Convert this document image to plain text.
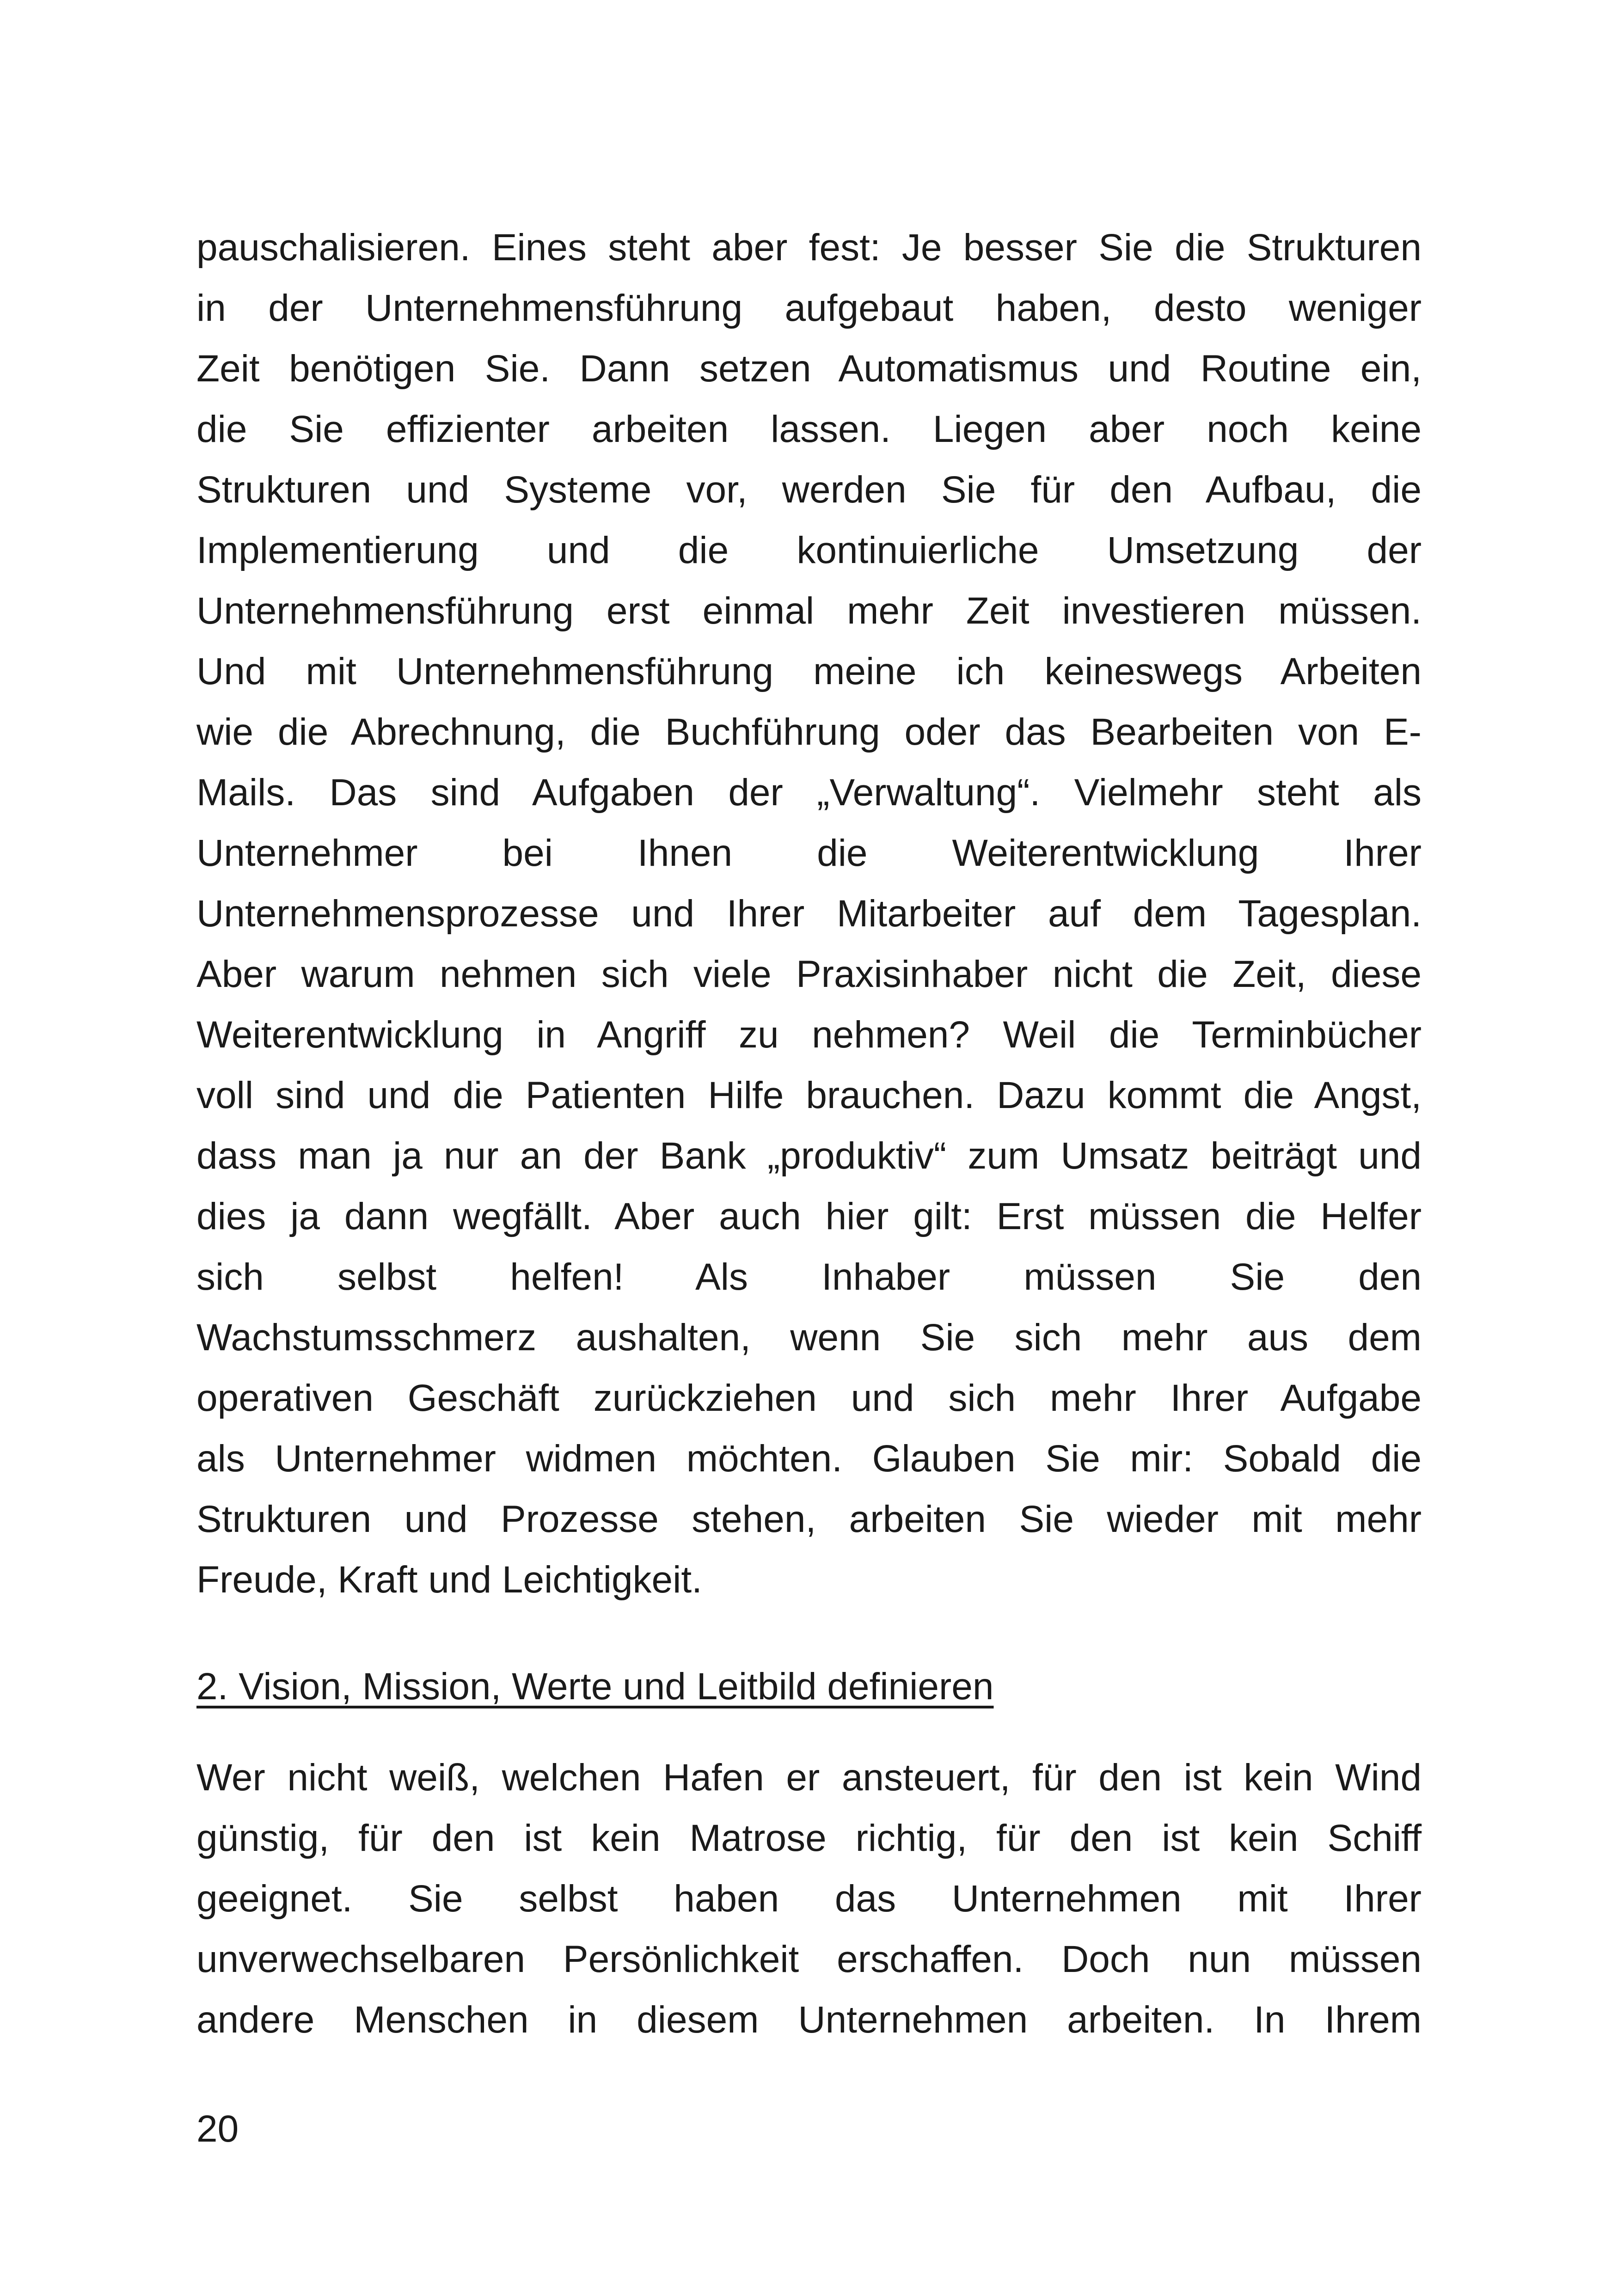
pauschalisieren. Eines steht aber fest: Je besser Sie die Strukturen
in der Unternehmensführung aufgebaut haben, desto weniger
Zeit benötigen Sie. Dann setzen Automatismus und Routine ein,
die Sie effizienter arbeiten lassen. Liegen aber noch keine
Strukturen und Systeme vor, werden Sie für den Aufbau, die
Implementierung und die kontinuierliche Umsetzung der
Unternehmensführung erst einmal mehr Zeit investieren müssen.
Und mit Unternehmensführung meine ich keineswegs Arbeiten
wie die Abrechnung, die Buchführung oder das Bearbeiten von E-
Mails. Das sind Aufgaben der „Verwaltung“. Vielmehr steht als
Unternehmer bei Ihnen die Weiterentwicklung Ihrer
Unternehmensprozesse und Ihrer Mitarbeiter auf dem Tagesplan.
Aber warum nehmen sich viele Praxisinhaber nicht die Zeit, diese
Weiterentwicklung in Angriff zu nehmen? Weil die Terminbücher
voll sind und die Patienten Hilfe brauchen. Dazu kommt die Angst,
dass man ja nur an der Bank „produktiv“ zum Umsatz beiträgt und
dies ja dann wegfällt. Aber auch hier gilt: Erst müssen die Helfer
sich selbst helfen! Als Inhaber müssen Sie den
Wachstumsschmerz aushalten, wenn Sie sich mehr aus dem
operativen Geschäft zurückziehen und sich mehr Ihrer Aufgabe
als Unternehmer widmen möchten. Glauben Sie mir: Sobald die
Strukturen und Prozesse stehen, arbeiten Sie wieder mit mehr
Freude, Kraft und Leichtigkeit.
2. Vision, Mission, Werte und Leitbild definieren
Wer nicht weiß, welchen Hafen er ansteuert, für den ist kein Wind
günstig, für den ist kein Matrose richtig, für den ist kein Schiff
geeignet. Sie selbst haben das Unternehmen mit Ihrer
unverwechselbaren Persönlichkeit erschaffen. Doch nun müssen
andere Menschen in diesem Unternehmen arbeiten. In Ihrem
20
